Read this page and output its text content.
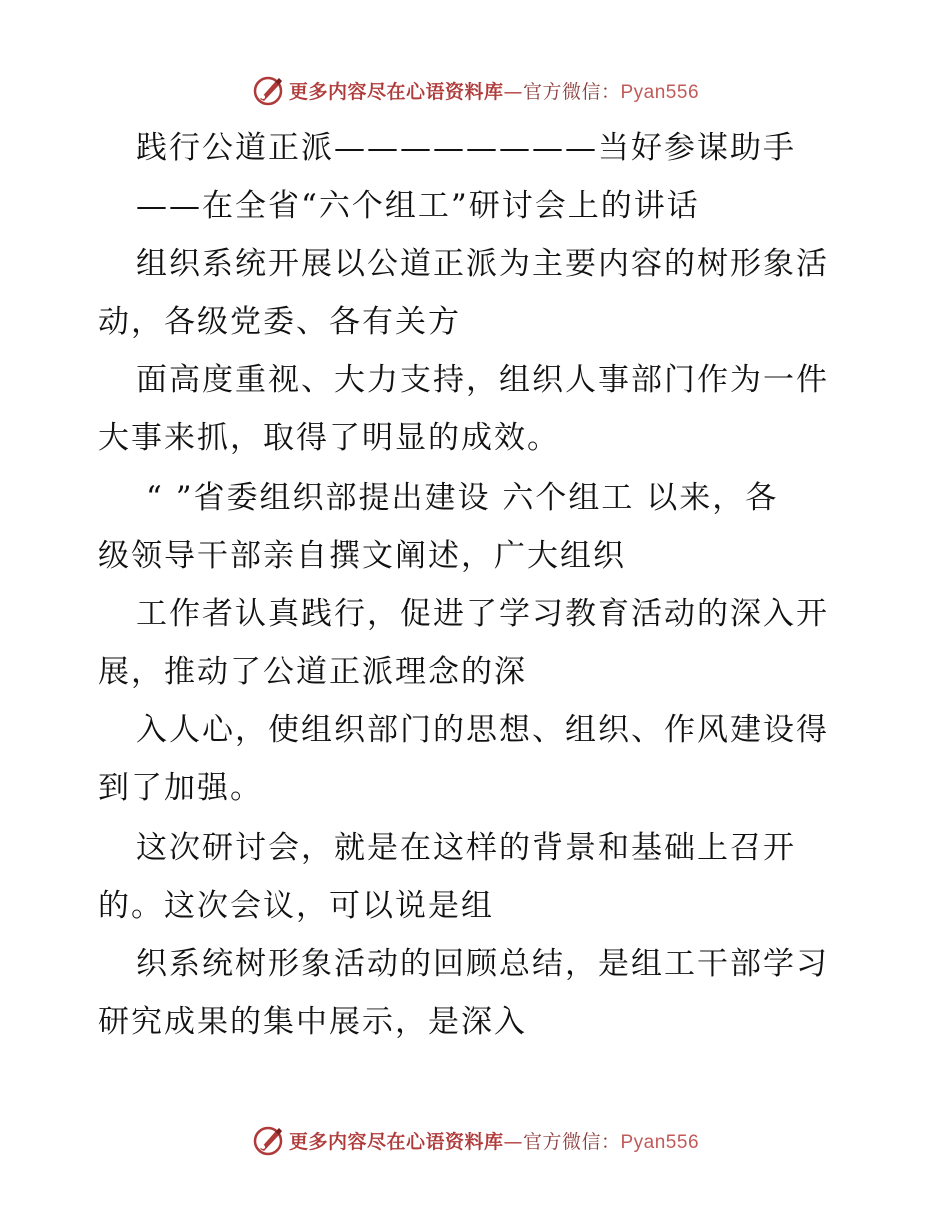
更多内容尽在心语资料库—官方微信：Pyan556
践行公道正派————————当好参谋助手
——在全省“六个组工”研讨会上的讲话
组织系统开展以公道正派为主要内容的树形象活
动，各级党委、各有关方
面高度重视、大力支持，组织人事部门作为一件
大事来抓，取得了明显的成效。
“ ”省委组织部提出建设 六个组工 以来，各
级领导干部亲自撰文阐述，广大组织
工作者认真践行，促进了学习教育活动的深入开
展，推动了公道正派理念的深
入人心，使组织部门的思想、组织、作风建设得
到了加强。
这次研讨会，就是在这样的背景和基础上召开
的。这次会议，可以说是组
织系统树形象活动的回顾总结，是组工干部学习
研究成果的集中展示，是深入
更多内容尽在心语资料库—官方微信：Pyan556
